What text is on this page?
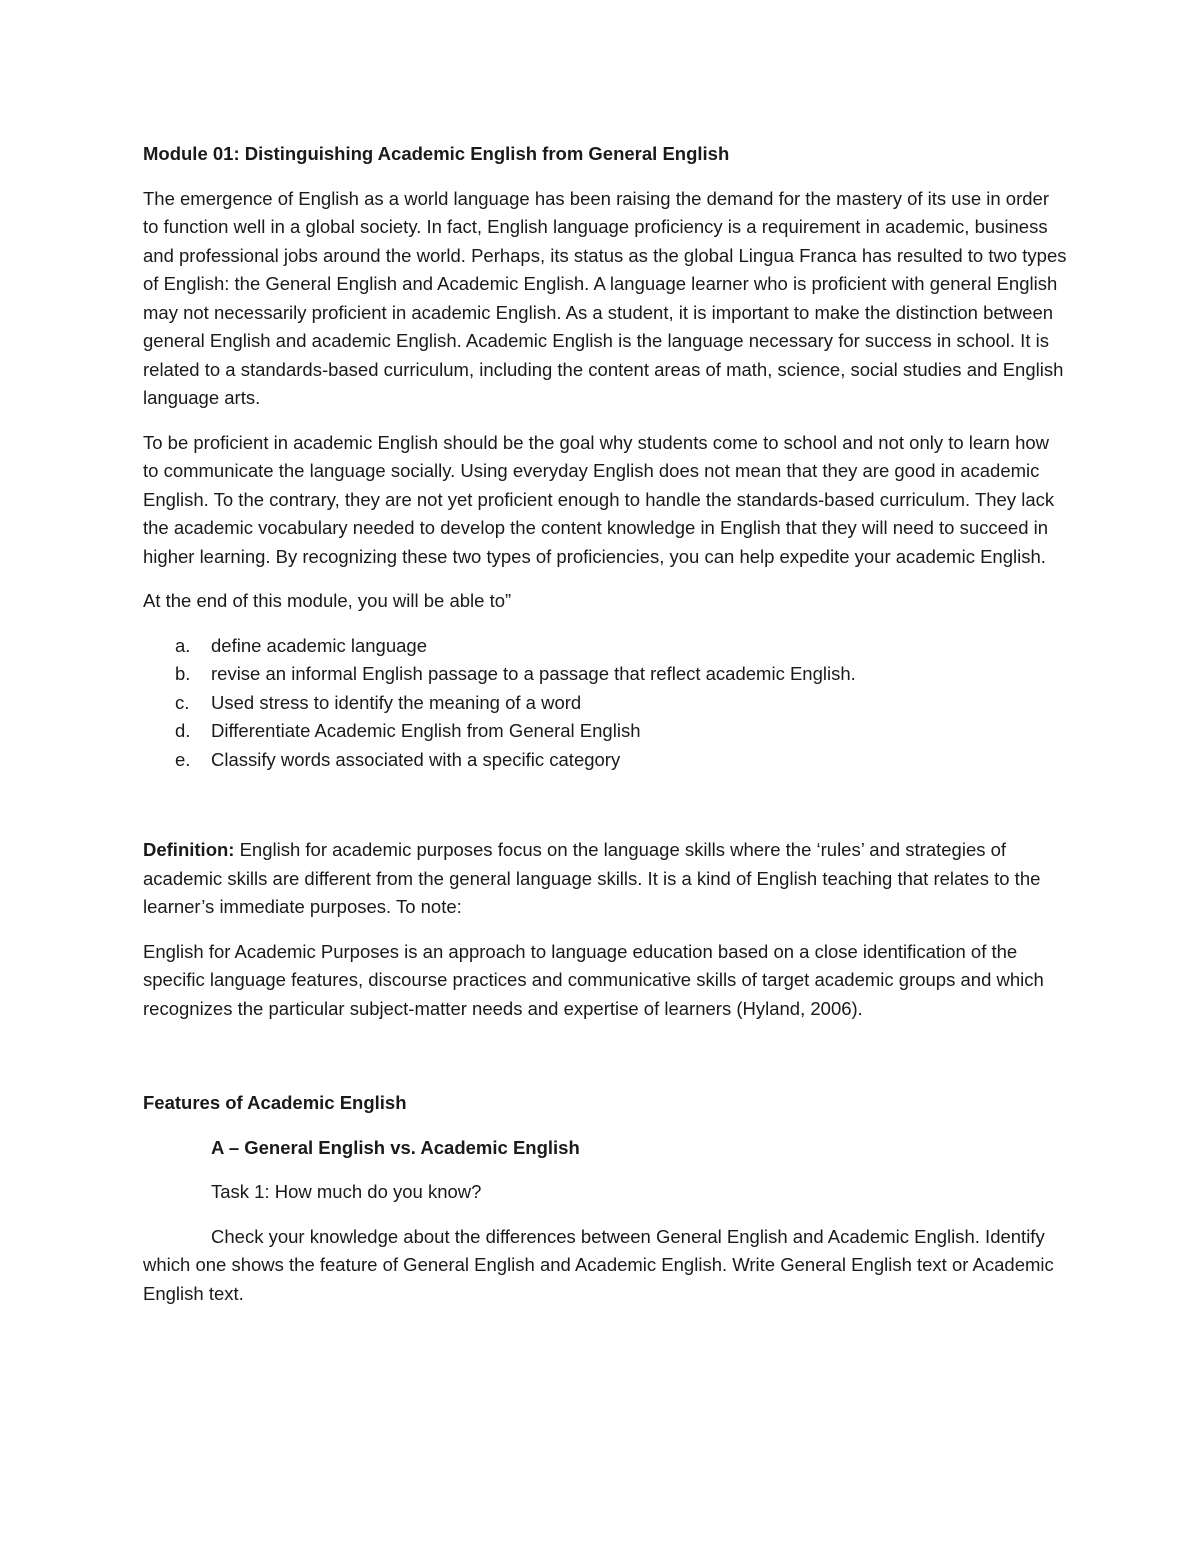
Module 01: Distinguishing Academic English from General English

The emergence of English as a world language has been raising the demand for the mastery of its use in order to function well in a global society. In fact, English language proficiency is a requirement in academic, business and professional jobs around the world. Perhaps, its status as the global Lingua Franca has resulted to two types of English: the General English and Academic English. A language learner who is proficient with general English may not necessarily proficient in academic English. As a student, it is important to make the distinction between general English and academic English. Academic English is the language necessary for success in school. It is related to a standards-based curriculum, including the content areas of math, science, social studies and English language arts.

To be proficient in academic English should be the goal why students come to school and not only to learn how to communicate the language socially. Using everyday English does not mean that they are good in academic English. To the contrary, they are not yet proficient enough to handle the standards-based curriculum. They lack the academic vocabulary needed to develop the content knowledge in English that they will need to succeed in higher learning. By recognizing these two types of proficiencies, you can help expedite your academic English.

At the end of this module, you will be able to”

a.	define academic language
b.	revise an informal English passage to a passage that reflect academic English.
c.	Used stress to identify the meaning of a word
d.	Differentiate Academic English from General English
e.	Classify words associated with a specific category

Definition: English for academic purposes focus on the language skills where the ‘rules’ and strategies of academic skills are different from the general language skills. It is a kind of English teaching that relates to the learner’s immediate purposes. To note:

English for Academic Purposes is an approach to language education based on a close identification of the specific language features, discourse practices and communicative skills of target academic groups and which recognizes the particular subject-matter needs and expertise of learners (Hyland, 2006).

Features of Academic English

A – General English vs. Academic English

Task 1: How much do you know?

Check your knowledge about the differences between General English and Academic English. Identify which one shows the feature of General English and Academic English. Write General English text or Academic English text.
